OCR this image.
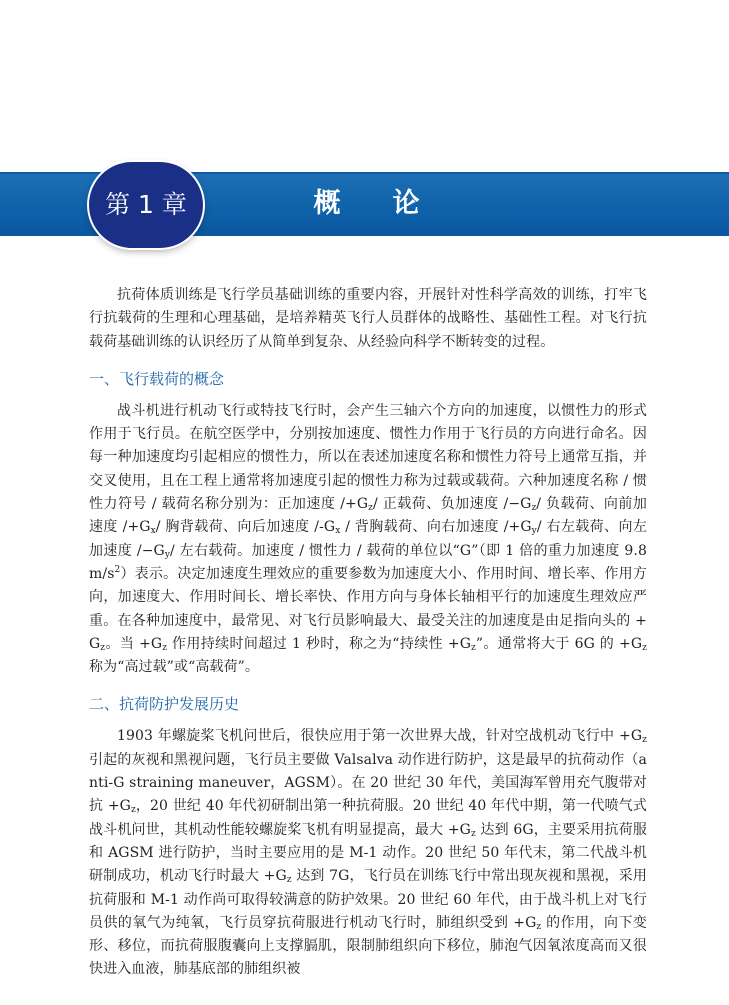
概论
第 1 章

抗荷体质训练是飞行学员基础训练的重要内容，开展针对性科学高效的训练，打牢飞行抗载荷的生理和心理基础，是培养精英飞行人员群体的战略性、基础性工程。对飞行抗载荷基础训练的认识经历了从简单到复杂、从经验向科学不断转变的过程。

一、飞行载荷的概念

战斗机进行机动飞行或特技飞行时，会产生三轴六个方向的加速度，以惯性力的形式作用于飞行员。在航空医学中，分别按加速度、惯性力作用于飞行员的方向进行命名。因每一种加速度均引起相应的惯性力，所以在表述加速度名称和惯性力符号上通常互指，并交叉使用，且在工程上通常将加速度引起的惯性力称为过载或载荷。六种加速度名称 / 惯性力符号 / 载荷名称分别为：正加速度 $/+G_z/$ 正载荷、负加速度 $/-G_z/$ 负载荷、向前加速度 $/+G_x/$ 胸背载荷、向后加速度 $/-G_x$ / 背胸载荷、向右加速度 $/+G_y/$ 右左载荷、向左加速度 $/-G_y/$ 左右载荷。加速度 / 惯性力 / 载荷的单位以“G”（即 1 倍的重力加速度 $9.8m/s^2$）表示。决定加速度生理效应的重要参数为加速度大小、作用时间、增长率、作用方向，加速度大、作用时间长、增长率快、作用方向与身体长轴相平行的加速度生理效应严重。在各种加速度中，最常见、对飞行员影响最大、最受关注的加速度是由足指向头的 $+G_z$。当 $+G_z$ 作用持续时间超过 1 秒时，称之为“持续性 $+G_z$”。通常将大于 6G 的 $+G_z$ 称为“高过载”或“高载荷”。

二、抗荷防护发展历史

1903 年螺旋桨飞机问世后，很快应用于第一次世界大战，针对空战机动飞行中 $+G_z$ 引起的灰视和黑视问题，飞行员主要做 Valsalva 动作进行防护，这是最早的抗荷动作（anti-G straining maneuver，AGSM）。在 20 世纪 30 年代，美国海军曾用充气腹带对抗 $+G_z$，20 世纪 40 年代初研制出第一种抗荷服。20 世纪 40 年代中期，第一代喷气式战斗机问世，其机动性能较螺旋桨飞机有明显提高，最大 $+G_z$ 达到 6G，主要采用抗荷服和 AGSM 进行防护，当时主要应用的是 M-1 动作。20 世纪 50 年代末，第二代战斗机研制成功，机动飞行时最大 $+G_z$ 达到 7G，飞行员在训练飞行中常出现灰视和黑视，采用抗荷服和 M-1 动作尚可取得较满意的防护效果。20 世纪 60 年代，由于战斗机上对飞行员供的氧气为纯氧，飞行员穿抗荷服进行机动飞行时，肺组织受到 $+G_z$ 的作用，向下变形、移位，而抗荷服腹囊向上支撑膈肌，限制肺组织向下移位，肺泡气因氧浓度高而又很快进入血液，肺基底部的肺组织被
